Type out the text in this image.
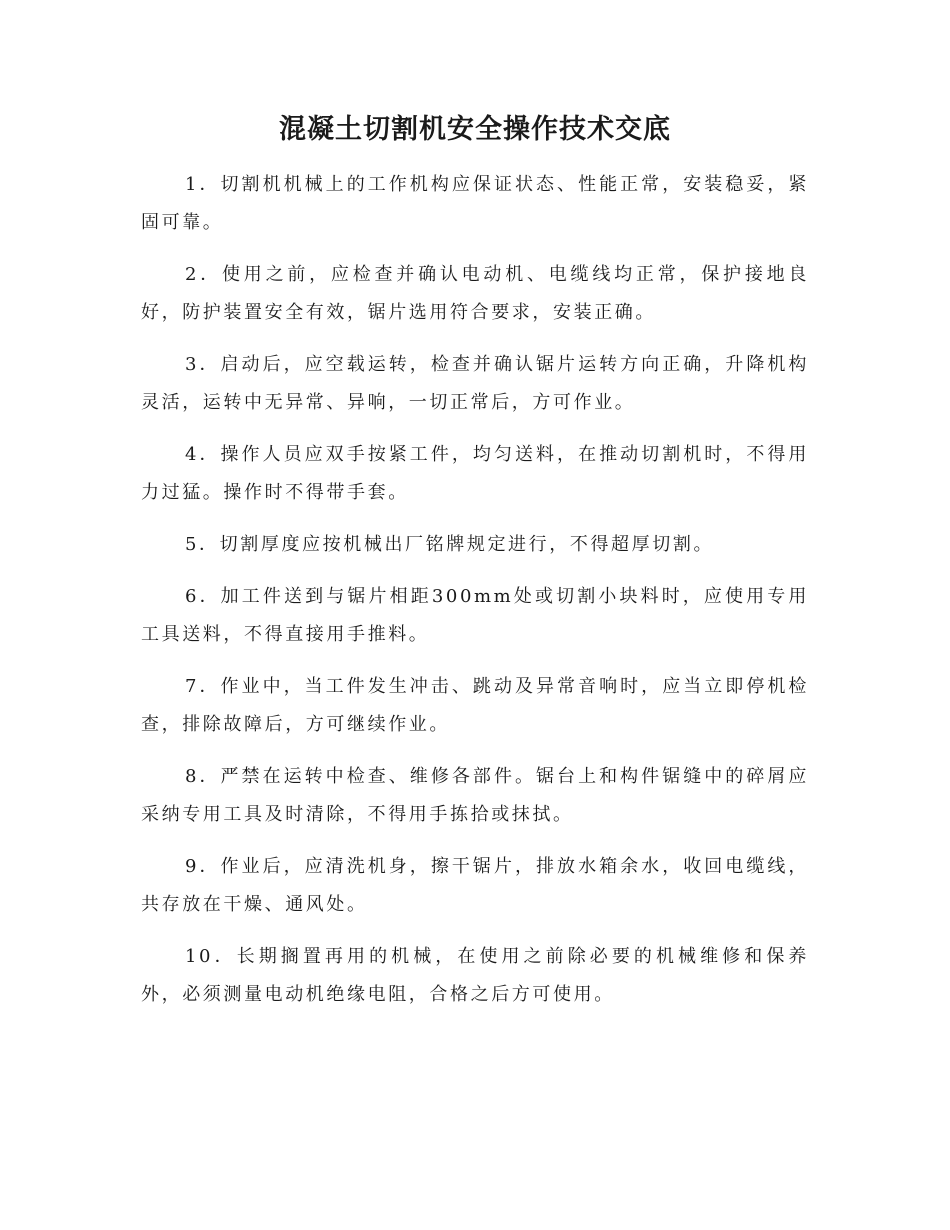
混凝土切割机安全操作技术交底

1．切割机机械上的工作机构应保证状态、性能正常，安装稳妥，紧固可靠。

2．使用之前，应检查并确认电动机、电缆线均正常，保护接地良好，防护装置安全有效，锯片选用符合要求，安装正确。

3．启动后，应空载运转，检查并确认锯片运转方向正确，升降机构灵活，运转中无异常、异响，一切正常后，方可作业。

4．操作人员应双手按紧工件，均匀送料，在推动切割机时，不得用力过猛。操作时不得带手套。

5．切割厚度应按机械出厂铭牌规定进行，不得超厚切割。

6．加工件送到与锯片相距300mm处或切割小块料时，应使用专用工具送料，不得直接用手推料。

7．作业中，当工件发生冲击、跳动及异常音响时，应当立即停机检查，排除故障后，方可继续作业。

8．严禁在运转中检查、维修各部件。锯台上和构件锯缝中的碎屑应采纳专用工具及时清除，不得用手拣拾或抹拭。

9．作业后，应清洗机身，擦干锯片，排放水箱余水，收回电缆线，共存放在干燥、通风处。

10．长期搁置再用的机械，在使用之前除必要的机械维修和保养外，必须测量电动机绝缘电阻，合格之后方可使用。
